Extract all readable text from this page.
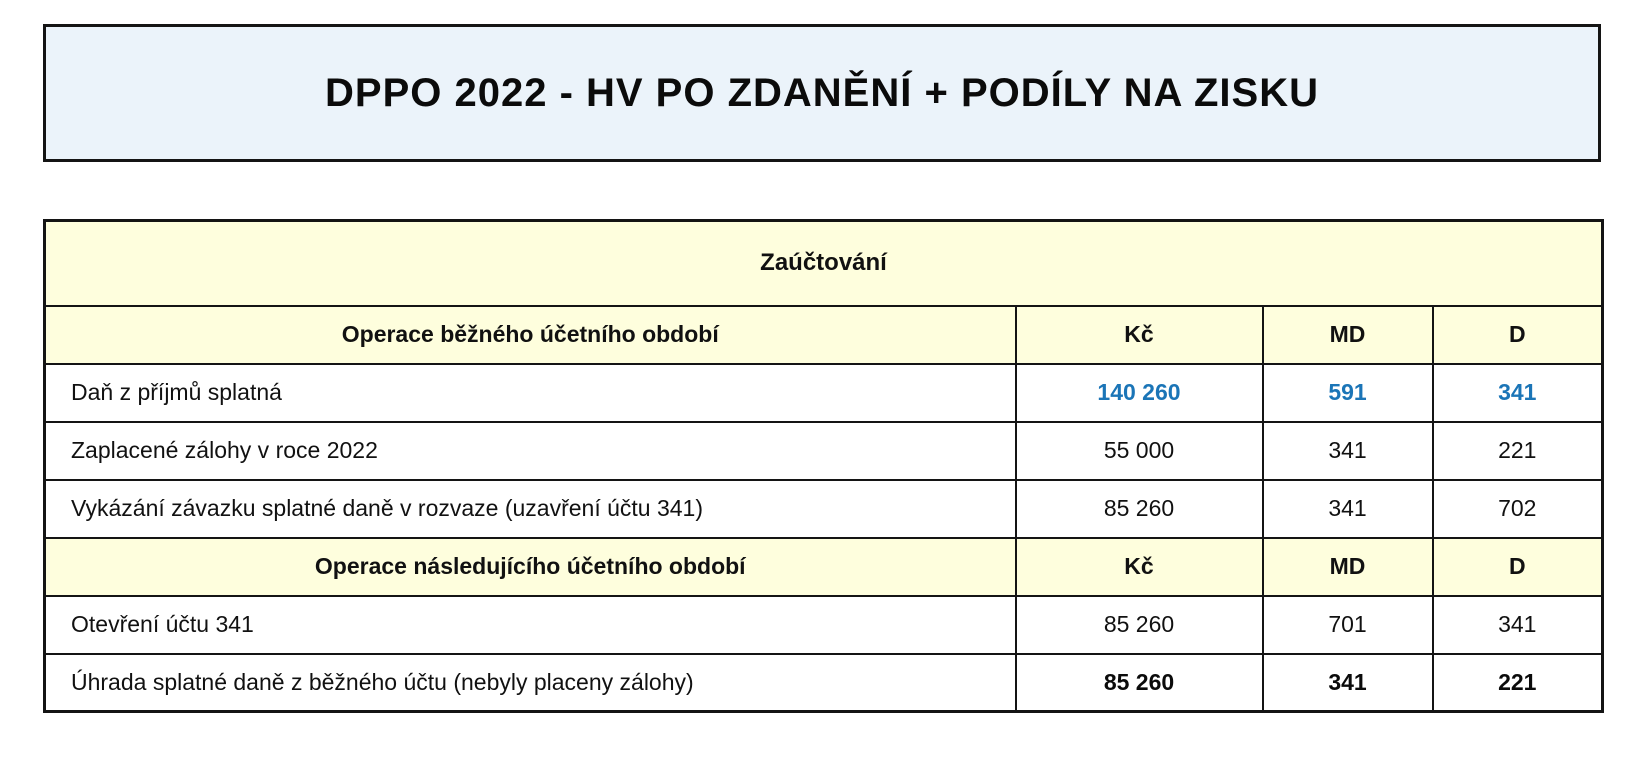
DPPO 2022 - HV PO ZDANĚNÍ + PODÍLY NA ZISKU
Zaúčtování			
Operace běžného účetního období	Kč	MD	D
Daň z příjmů splatná	140 260	591	341
Zaplacené zálohy v roce 2022	55 000	341	221
Vykázání závazku splatné daně v rozvaze (uzavření účtu 341)	85 260	341	702
Operace následujícího účetního období	Kč	MD	D
Otevření účtu 341	85 260	701	341
Úhrada splatné daně z běžného účtu (nebyly placeny zálohy)	85 260	341	221
